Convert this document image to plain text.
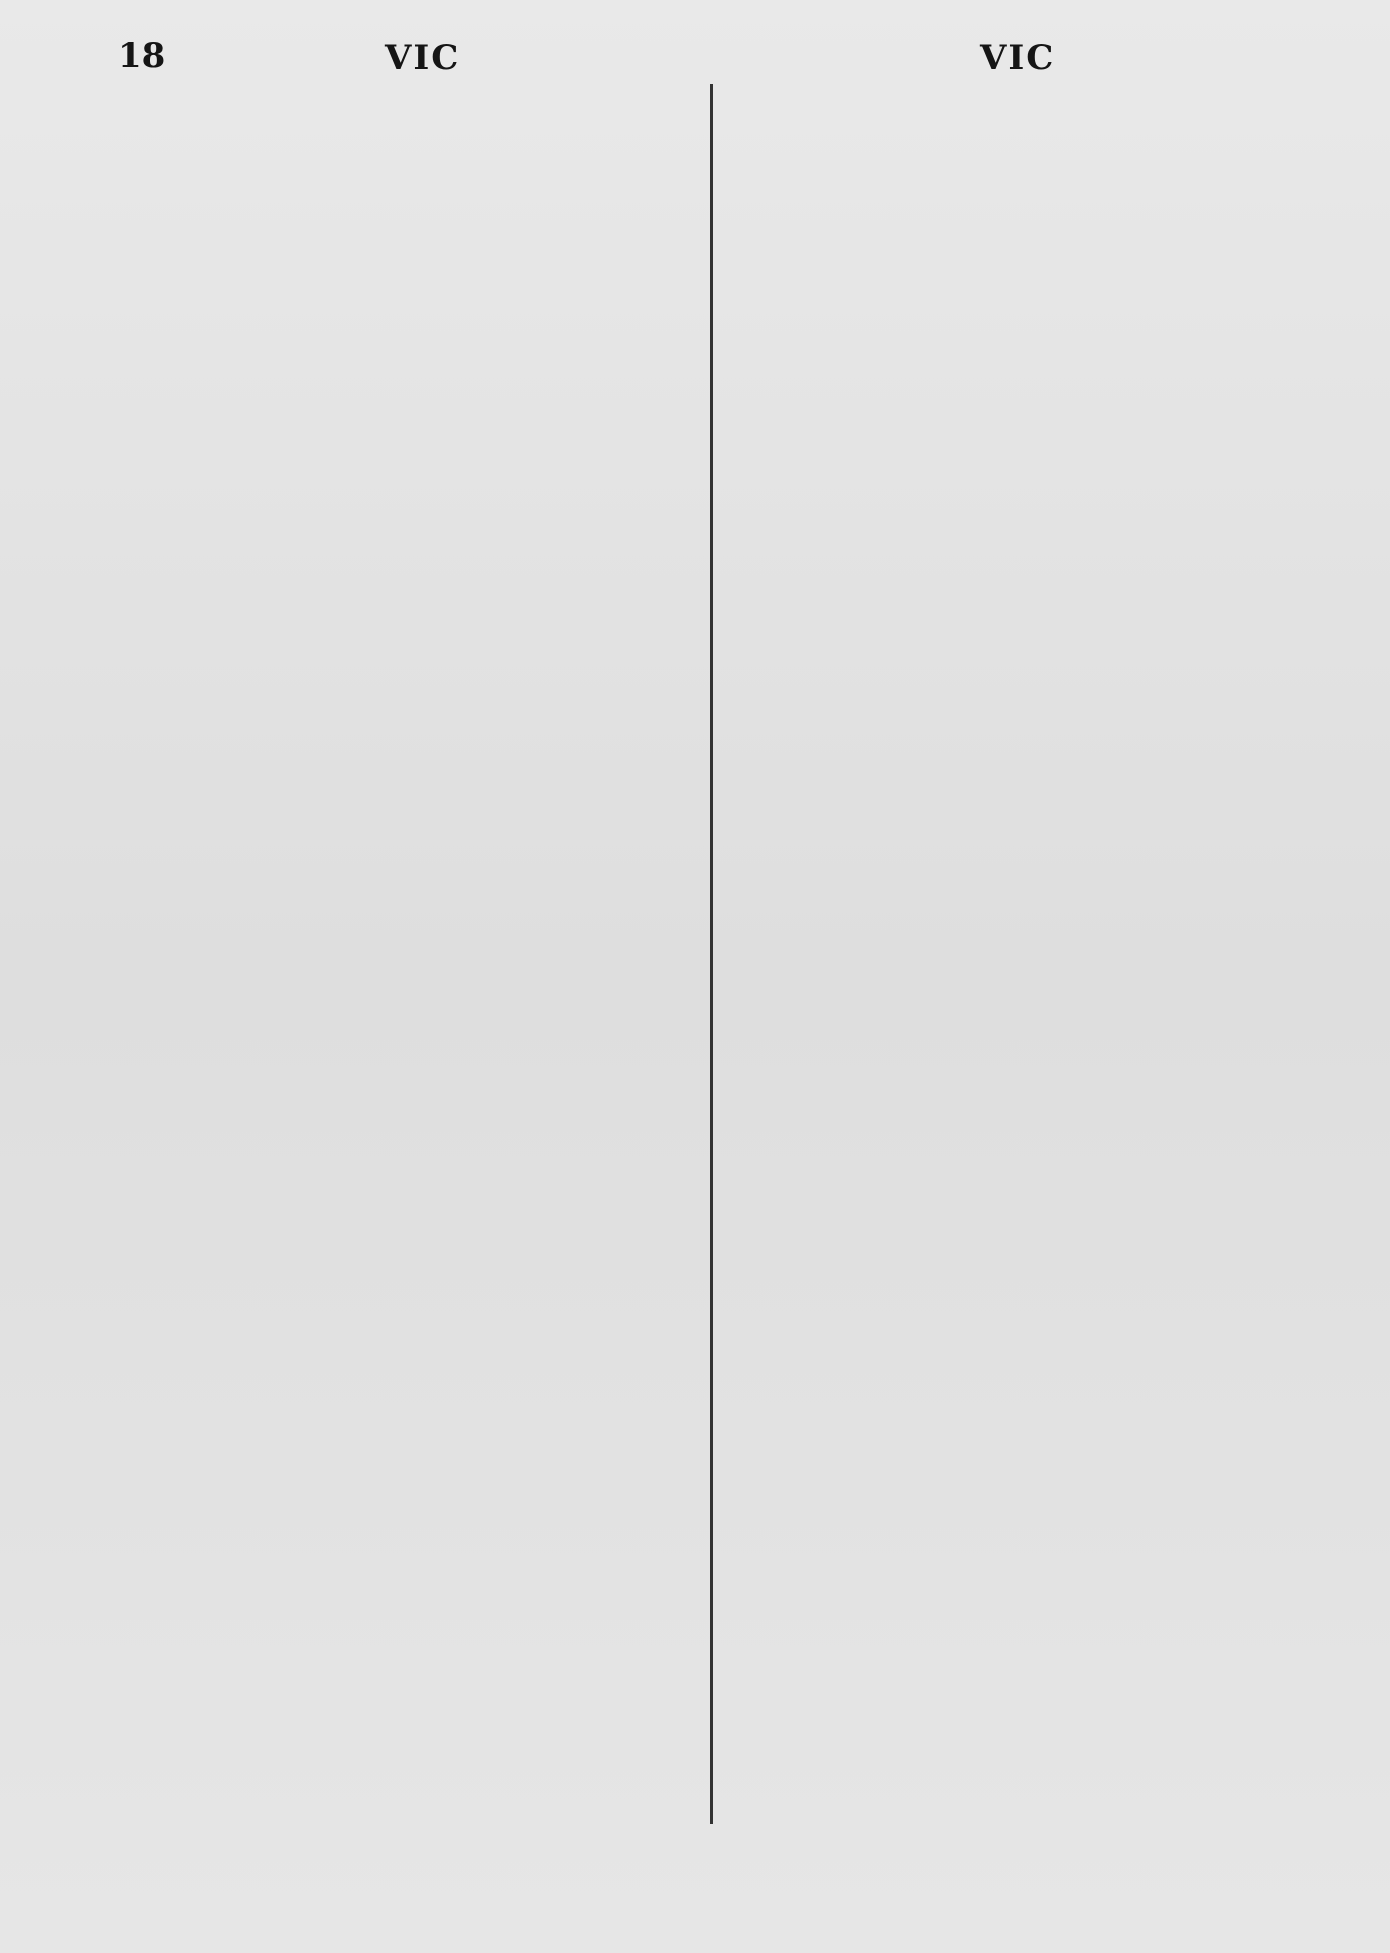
18	VIC	VIC
